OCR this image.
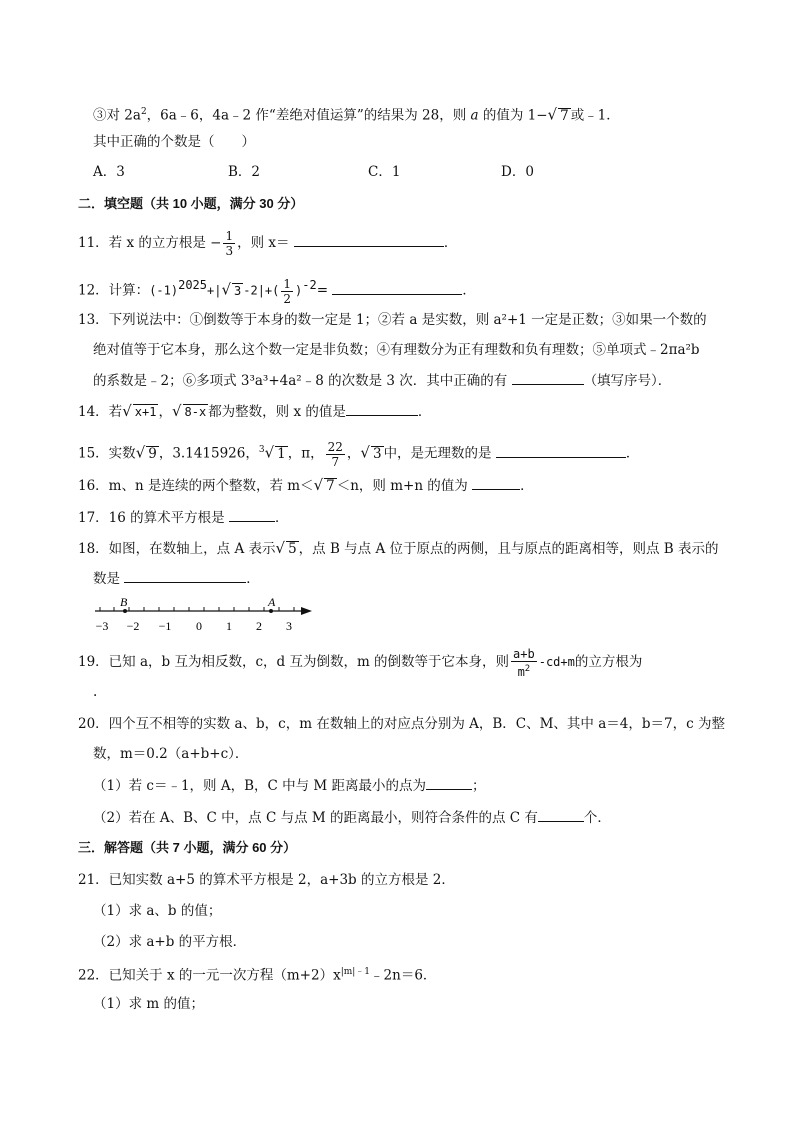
③对 $2a^2$，6a﹣6，4a﹣2 作“差绝对值运算”的结果为 28，则 a 的值为 1−√ 7 或﹣1．
其中正确的个数是（　　）
A．3	B．2	C．1	D．0
二．填空题（共 10 小题，满分 30 分）
11．若 x 的立方根是 − $\frac{1}{3}$ ，则 x＝	．
12．计算：$(-1)^{2025}+|√$ 3 $-2|+( \frac{1}{2} )^{-2}=$	．
13．下列说法中：①倒数等于本身的数一定是 1；②若 a 是实数，则 a²+1 一定是正数；③如果一个数的
绝对值等于它本身，那么这个数一定是非负数；④有理数分为正有理数和负有理数；⑤单项式﹣2πa²b
的系数是﹣2；⑥多项式 3³a³+4a²﹣8 的次数是 3 次．其中正确的有	（填写序号）．
14．若√ x+1 ，√ 8-x 都为整数，则 x 的值是	．
15．实数√ 9 ，3.1415926，$^3$√ 1 ，π， $\frac{22}{7}$ ，√ 3 中，是无理数的是	．
16．m、n 是连续的两个整数，若 m＜√ 7 ＜n，则 m+n 的值为	．
17．16 的算术平方根是	．
18．如图，在数轴上，点 A 表示√ 5 ，点 B 与点 A 位于原点的两侧，且与原点的距离相等，则点 B 表示的
数是	．
B	A
−3 −2 −1 0 1 2 3
19．已知 a，b 互为相反数，c，d 互为倒数，m 的倒数等于它本身，则 $\frac{a+b}{m^2} -cd+m$的立方根为
.
20．四个互不相等的实数 a、b，c，m 在数轴上的对应点分别为 A，B．C、M、其中 a＝4，b＝7，c 为整
数，m＝0.2（a+b+c）．
（1）若 c＝﹣1，则 A，B，C 中与 M 距离最小的点为	；
（2）若在 A、B、C 中，点 C 与点 M 的距离最小，则符合条件的点 C 有	个．
三．解答题（共 7 小题，满分 60 分）
21．已知实数 a+5 的算术平方根是 2，a+3b 的立方根是 2．
（1）求 a、b 的值；
（2）求 a+b 的平方根．
22．已知关于 x 的一元一次方程$(m+2)x^{|m|﹣1}﹣2n=6$．
（1）求 m 的值；
